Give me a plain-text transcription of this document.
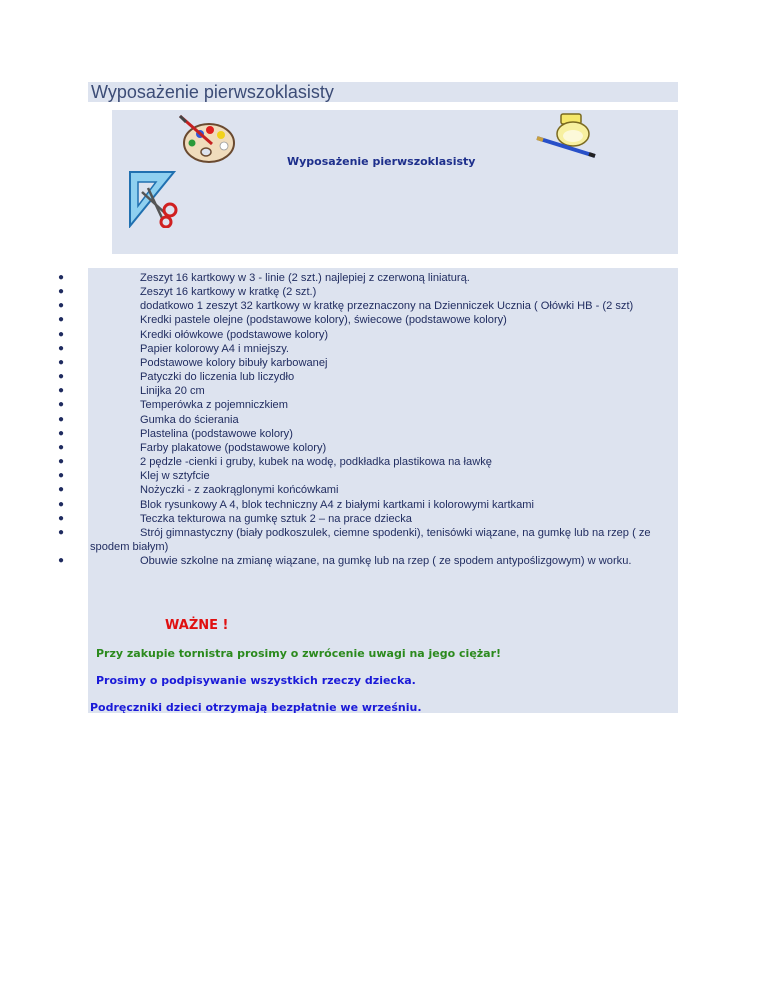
Wyposażenie pierwszoklasisty
Wyposażenie pierwszoklasisty
●	Zeszyt 16 kartkowy w 3 - linie (2 szt.) najlepiej z czerwoną liniaturą.
●	Zeszyt 16 kartkowy w kratkę (2 szt.)
●	dodatkowo 1 zeszyt 32 kartkowy w kratkę przeznaczony na Dzienniczek Ucznia ( Ołówki HB - (2 szt)
●	Kredki pastele olejne (podstawowe kolory), świecowe (podstawowe kolory)
●	Kredki ołówkowe (podstawowe kolory)
●	Papier kolorowy A4 i mniejszy.
●	Podstawowe kolory bibuły karbowanej
●	Patyczki do liczenia lub liczydło
●	Linijka 20 cm
●	Temperówka z pojemniczkiem
●	Gumka do ścierania
●	Plastelina (podstawowe kolory)
●	Farby plakatowe (podstawowe kolory)
●	2 pędzle -cienki i gruby, kubek na wodę, podkładka plastikowa na ławkę
●	Klej w sztyfcie
●	Nożyczki - z zaokrąglonymi końcówkami
●	Blok rysunkowy A 4, blok techniczny A4 z białymi kartkami i kolorowymi kartkami
●	Teczka tekturowa na gumkę sztuk 2 – na prace dziecka
●	Strój gimnastyczny (biały podkoszulek, ciemne spodenki), tenisówki wiązane, na gumkę lub na rzep ( ze
spodem białym)
●	Obuwie szkolne na zmianę wiązane, na gumkę lub na rzep ( ze spodem antypoślizgowym) w worku.
WAŻNE !
Przy zakupie tornistra prosimy o zwrócenie uwagi na jego ciężar!
Prosimy o podpisywanie wszystkich rzeczy dziecka.
Podręczniki dzieci otrzymają bezpłatnie we wrześniu.
